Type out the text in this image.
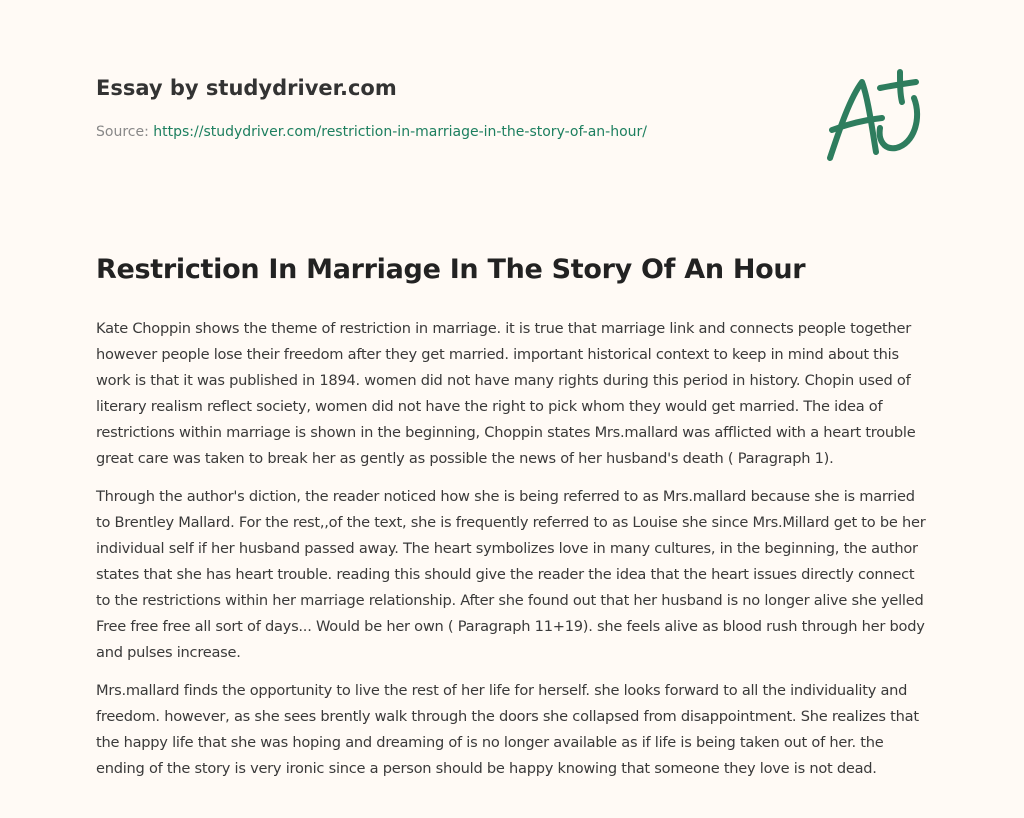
Essay by studydriver.com
Source: https://studydriver.com/restriction-in-marriage-in-the-story-of-an-hour/
Restriction In Marriage In The Story Of An Hour

Kate Choppin shows the theme of restriction in marriage. it is true that marriage link and connects people together however people lose their freedom after they get married. important historical context to keep in mind about this work is that it was published in 1894. women did not have many rights during this period in history. Chopin used of literary realism reflect society, women did not have the right to pick whom they would get married. The idea of restrictions within marriage is shown in the beginning, Choppin states Mrs.mallard was afflicted with a heart trouble great care was taken to break her as gently as possible the news of her husband's death ( Paragraph 1).

Through the author's diction, the reader noticed how she is being referred to as Mrs.mallard because she is married to Brentley Mallard. For the rest,,of the text, she is frequently referred to as Louise she since Mrs.Millard get to be her individual self if her husband passed away. The heart symbolizes love in many cultures, in the beginning, the author states that she has heart trouble. reading this should give the reader the idea that the heart issues directly connect to the restrictions within her marriage relationship. After she found out that her husband is no longer alive she yelled Free free free all sort of days... Would be her own ( Paragraph 11+19). she feels alive as blood rush through her body and pulses increase.

Mrs.mallard finds the opportunity to live the rest of her life for herself. she looks forward to all the individuality and freedom. however, as she sees brently walk through the doors she collapsed from disappointment. She realizes that the happy life that she was hoping and dreaming of is no longer available as if life is being taken out of her. the ending of the story is very ironic since a person should be happy knowing that someone they love is not dead.
